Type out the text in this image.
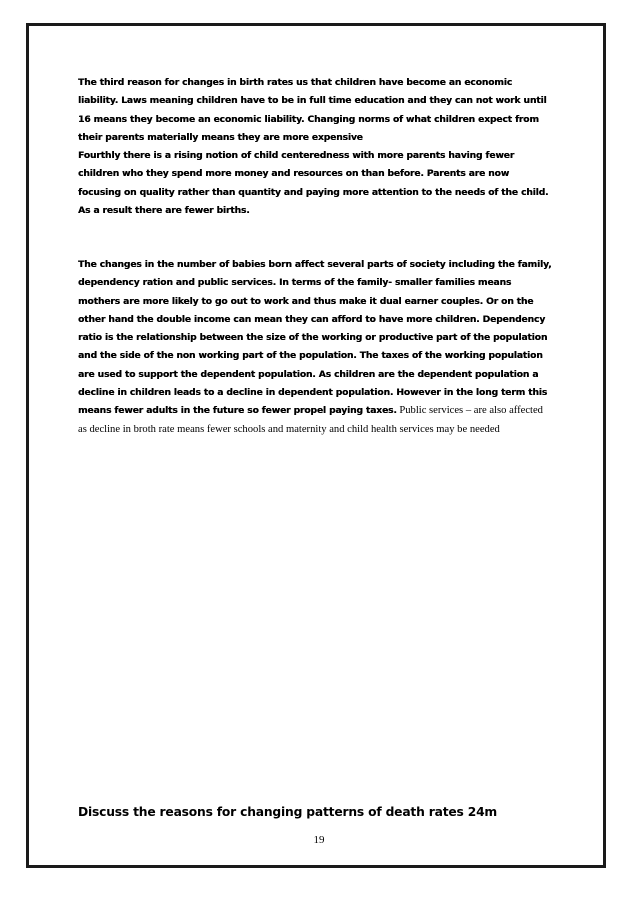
The third reason for changes in birth rates us that children have become an economic liability. Laws meaning children have to be in full time education and they can not work until 16 means they become an economic liability. Changing norms of what children expect from their parents materially means they are more expensive

Fourthly there is a rising notion of child centeredness with more parents having fewer children who they spend more money and resources on than before. Parents are now focusing on quality rather than quantity and paying more attention to the needs of the child. As a result there are fewer births.

The changes in the number of babies born affect several parts of society including the family, dependency ration and public services. In terms of the family- smaller families means mothers are more likely to go out to work and thus make it dual earner couples. Or on the other hand the double income can mean they can afford to have more children. Dependency ratio is the relationship between the size of the working or productive part of the population and the side of the non working part of the population. The taxes of the working population are used to support the dependent population. As children are the dependent population a decline in children leads to a decline in dependent population. However in the long term this means fewer adults in the future so fewer propel paying taxes. Public services – are also affected as decline in broth rate means fewer schools and maternity and child health services may be needed

Discuss the reasons for changing patterns of death rates 24m
19
